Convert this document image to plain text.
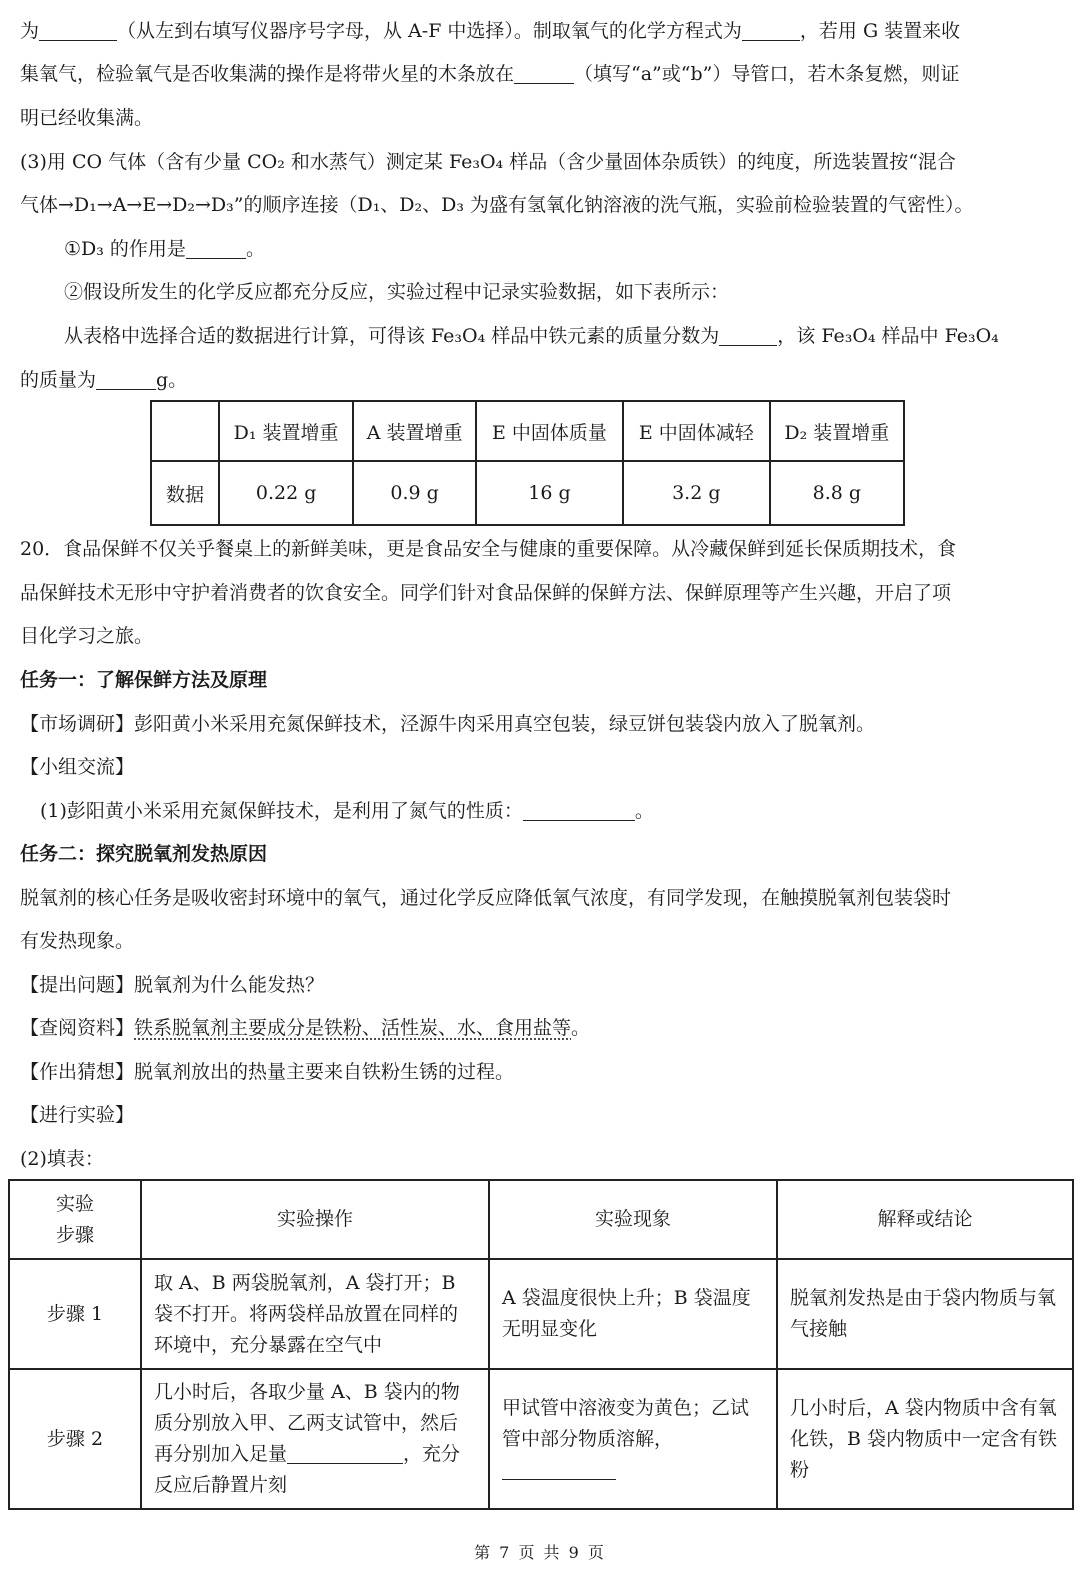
为	（从左到右填写仪器序号字母，从 A-F 中选择）。制取氧气的化学方程式为	，若用 G 装置来收
集氧气，检验氧气是否收集满的操作是将带火星的木条放在	（填写“a”或“b”）导管口，若木条复燃，则证
明已经收集满。
(3)用 CO 气体（含有少量 CO₂ 和水蒸气）测定某 Fe₃O₄ 样品（含少量固体杂质铁）的纯度，所选装置按“混合
气体→D₁→A→E→D₂→D₃”的顺序连接（D₁、D₂、D₃ 为盛有氢氧化钠溶液的洗气瓶，实验前检验装置的气密性）。
①D₃ 的作用是	。
②假设所发生的化学反应都充分反应，实验过程中记录实验数据，如下表所示：
从表格中选择合适的数据进行计算，可得该 Fe₃O₄ 样品中铁元素的质量分数为	，该 Fe₃O₄ 样品中 Fe₃O₄
的质量为	g。
	D₁ 装置增重	A 装置增重	E 中固体质量	E 中固体减轻	D₂ 装置增重
数据	0.22 g	0.9 g	16 g	3.2 g	8.8 g
20．食品保鲜不仅关乎餐桌上的新鲜美味，更是食品安全与健康的重要保障。从冷藏保鲜到延长保质期技术，食
品保鲜技术无形中守护着消费者的饮食安全。同学们针对食品保鲜的保鲜方法、保鲜原理等产生兴趣，开启了项
目化学习之旅。
任务一：了解保鲜方法及原理
【市场调研】彭阳黄小米采用充氮保鲜技术，泾源牛肉采用真空包装，绿豆饼包装袋内放入了脱氧剂。
【小组交流】
(1)彭阳黄小米采用充氮保鲜技术，是利用了氮气的性质：	。
任务二：探究脱氧剂发热原因
脱氧剂的核心任务是吸收密封环境中的氧气，通过化学反应降低氧气浓度，有同学发现，在触摸脱氧剂包装袋时
有发热现象。
【提出问题】脱氧剂为什么能发热？
【查阅资料】铁系脱氧剂主要成分是铁粉、活性炭、水、食用盐等。
【作出猜想】脱氧剂放出的热量主要来自铁粉生锈的过程。
【进行实验】
(2)填表：
实验
步骤	实验操作	实验现象	解释或结论
步骤 1	取 A、B 两袋脱氧剂，A 袋打开；B 袋不打开。将两袋样品放置在同样的环境中，充分暴露在空气中	A 袋温度很快上升；B 袋温度无明显变化	脱氧剂发热是由于袋内物质与氧气接触
步骤 2	几小时后，各取少量 A、B 袋内的物质分别放入甲、乙两支试管中，然后再分别加入足量 ，充分反应后静置片刻	甲试管中溶液变为黄色；乙试管中部分物质溶解，	几小时后，A 袋内物质中含有氧化铁，B 袋内物质中一定含有铁粉
第 7 页 共 9 页
